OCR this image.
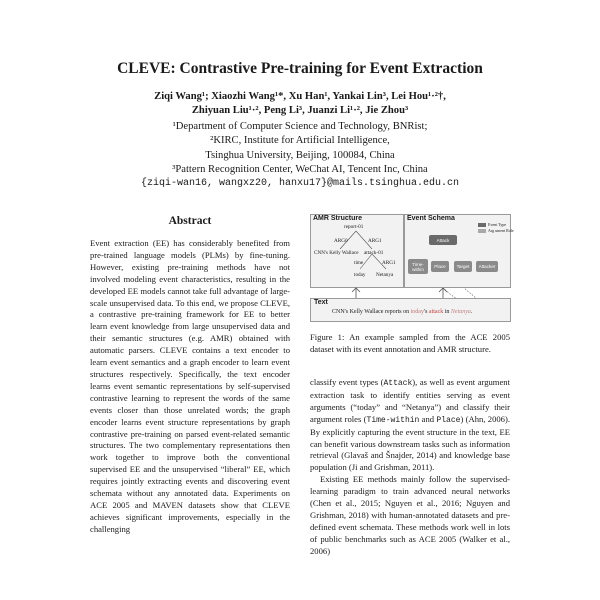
CLEVE: Contrastive Pre-training for Event Extraction
Ziqi Wang¹; Xiaozhi Wang¹*, Xu Han¹, Yankai Lin³, Lei Hou¹·²†,
Zhiyuan Liu¹·², Peng Li³, Juanzi Li¹·², Jie Zhou³
¹Department of Computer Science and Technology, BNRist;
²KIRC, Institute for Artificial Intelligence,
Tsinghua University, Beijing, 100084, China
³Pattern Recognition Center, WeChat AI, Tencent Inc, China
{ziqi-wan16, wangxz20, hanxu17}@mails.tsinghua.edu.cn
Abstract

Event extraction (EE) has considerably benefited from pre-trained language models (PLMs) by fine-tuning. However, existing pre-training methods have not involved modeling event characteristics, resulting in the developed EE models cannot take full advantage of large-scale unsupervised data. To this end, we propose CLEVE, a contrastive pre-training framework for EE to better learn event knowledge from large unsupervised data and their semantic structures (e.g. AMR) obtained with automatic parsers. CLEVE contains a text encoder to learn event semantics and a graph encoder to learn event structures respectively. Specifically, the text encoder learns event semantic representations by self-supervised contrastive learning to represent the words of the same events closer than those unrelated words; the graph encoder learns event structure representations by graph contrastive pre-training on parsed event-related semantic structures. The two complementary representations then work together to improve both the conventional supervised EE and the unsupervised “liberal” EE, which requires jointly extracting events and discovering event schemata without any annotated data. Experiments on ACE 2005 and MAVEN datasets show that CLEVE achieves significant improvements, especially in the challenging

AMR Structure
report-01
ARG0	ARG1
CNN's Kelly Wallace attack-01
time	ARG1
today Netanya
Event Schema
Event Type
Arg ument Role
Attack
Time-within	Place	Target	Attacker
Text
CNN's Kelly Wallace reports on today's attack in Netanya.
Figure 1: An example sampled from the ACE 2005 dataset with its event annotation and AMR structure.

classify event types (Attack), as well as event argument extraction task to identify entities serving as event arguments (“today” and “Netanya”) and classify their argument roles (Time-within and Place) (Ahn, 2006). By explicitly capturing the event structure in the text, EE can benefit various downstream tasks such as information retrieval (Glavaš and Šnajder, 2014) and knowledge base population (Ji and Grishman, 2011).

Existing EE methods mainly follow the supervised-learning paradigm to train advanced neural networks (Chen et al., 2015; Nguyen et al., 2016; Nguyen and Grishman, 2018) with human-annotated datasets and pre-defined event schemata. These methods work well in lots of public benchmarks such as ACE 2005 (Walker et al., 2006)
